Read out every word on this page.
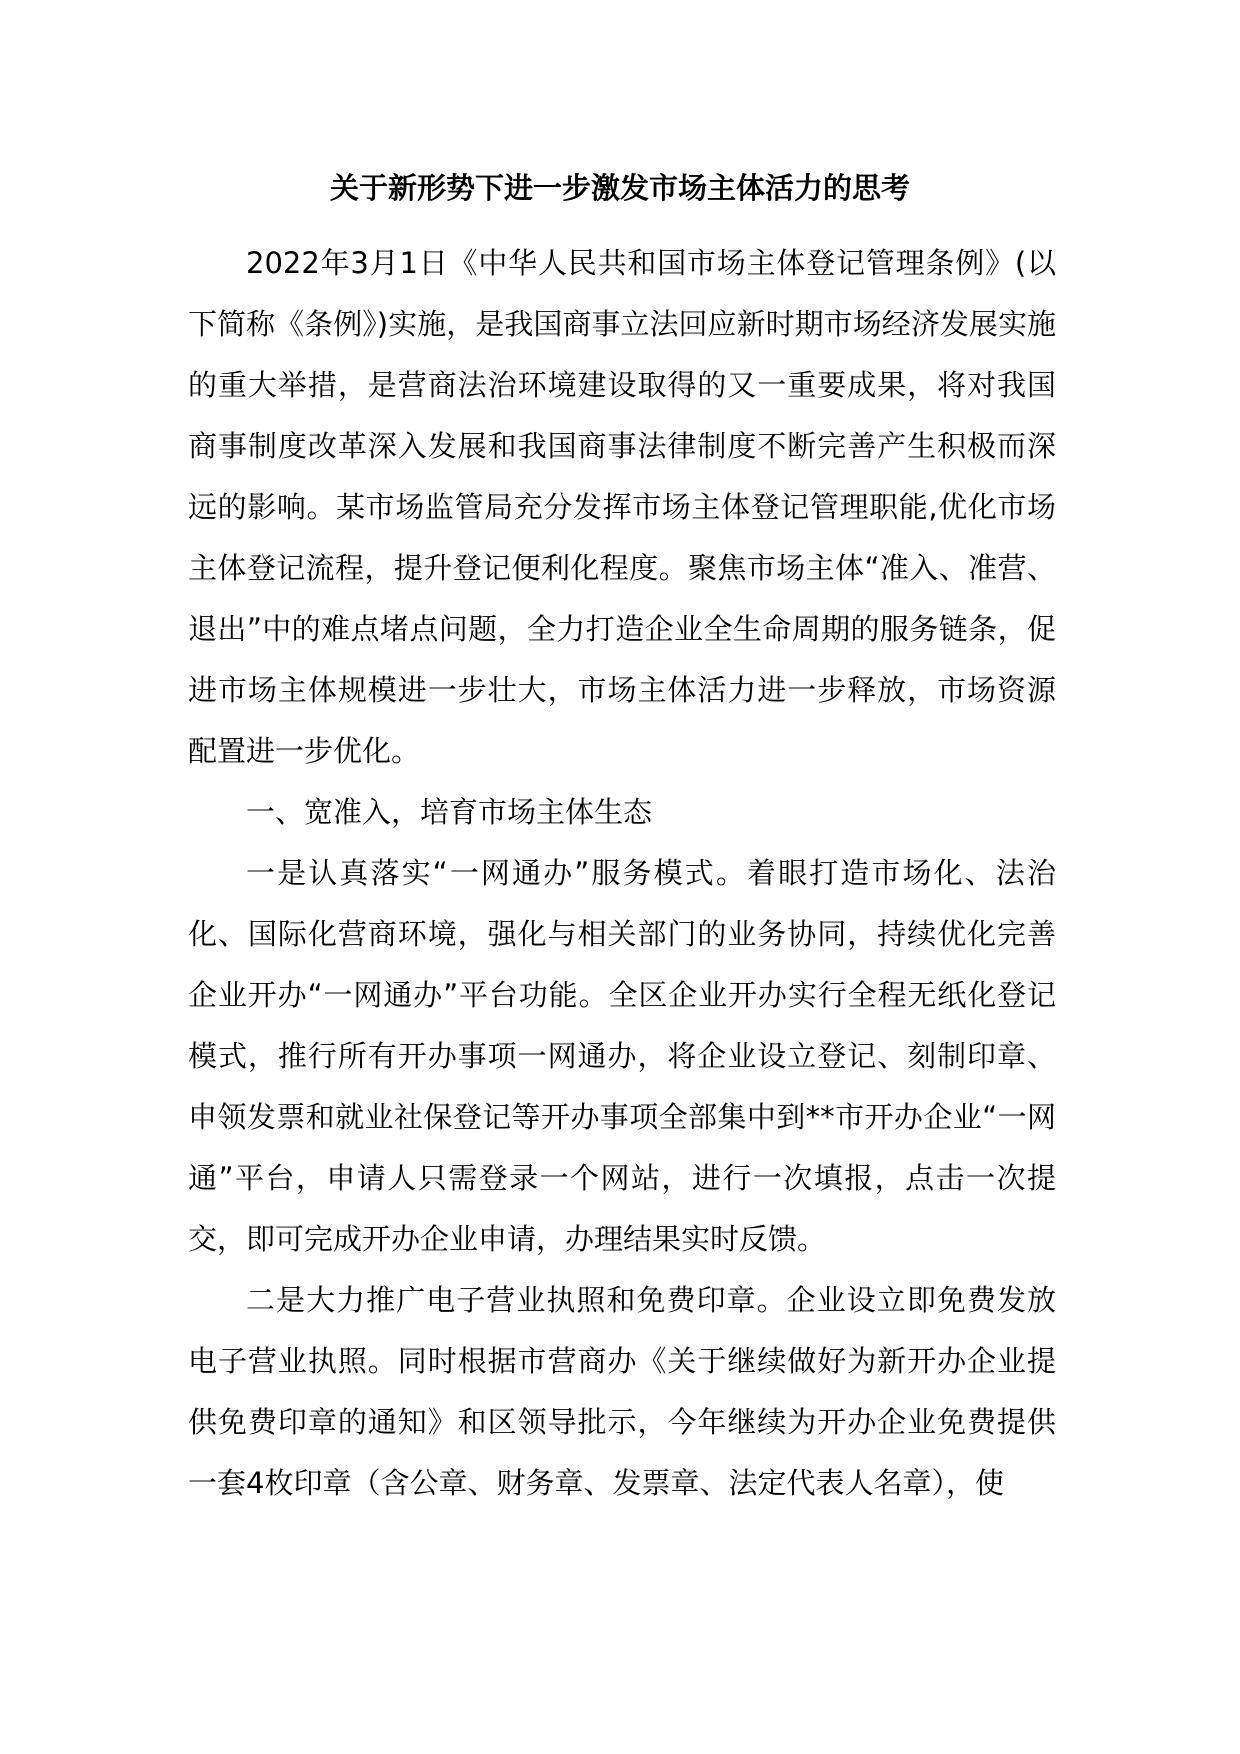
关于新形势下进一步激发市场主体活力的思考

2022年3月1日《中华人民共和国市场主体登记管理条例》(以下简称《条例》)实施，是我国商事立法回应新时期市场经济发展实施的重大举措，是营商法治环境建设取得的又一重要成果，将对我国商事制度改革深入发展和我国商事法律制度不断完善产生积极而深远的影响。某市场监管局充分发挥市场主体登记管理职能,优化市场主体登记流程，提升登记便利化程度。聚焦市场主体“准入、准营、退出”中的难点堵点问题，全力打造企业全生命周期的服务链条，促进市场主体规模进一步壮大，市场主体活力进一步释放，市场资源配置进一步优化。

一、宽准入，培育市场主体生态

一是认真落实“一网通办”服务模式。着眼打造市场化、法治化、国际化营商环境，强化与相关部门的业务协同，持续优化完善企业开办“一网通办”平台功能。全区企业开办实行全程无纸化登记模式，推行所有开办事项一网通办，将企业设立登记、刻制印章、申领发票和就业社保登记等开办事项全部集中到**市开办企业“一网通”平台，申请人只需登录一个网站，进行一次填报，点击一次提交，即可完成开办企业申请，办理结果实时反馈。

二是大力推广电子营业执照和免费印章。企业设立即免费发放电子营业执照。同时根据市营商办《关于继续做好为新开办企业提供免费印章的通知》和区领导批示，今年继续为开办企业免费提供一套4枚印章（含公章、财务章、发票章、法定代表人名章），使
